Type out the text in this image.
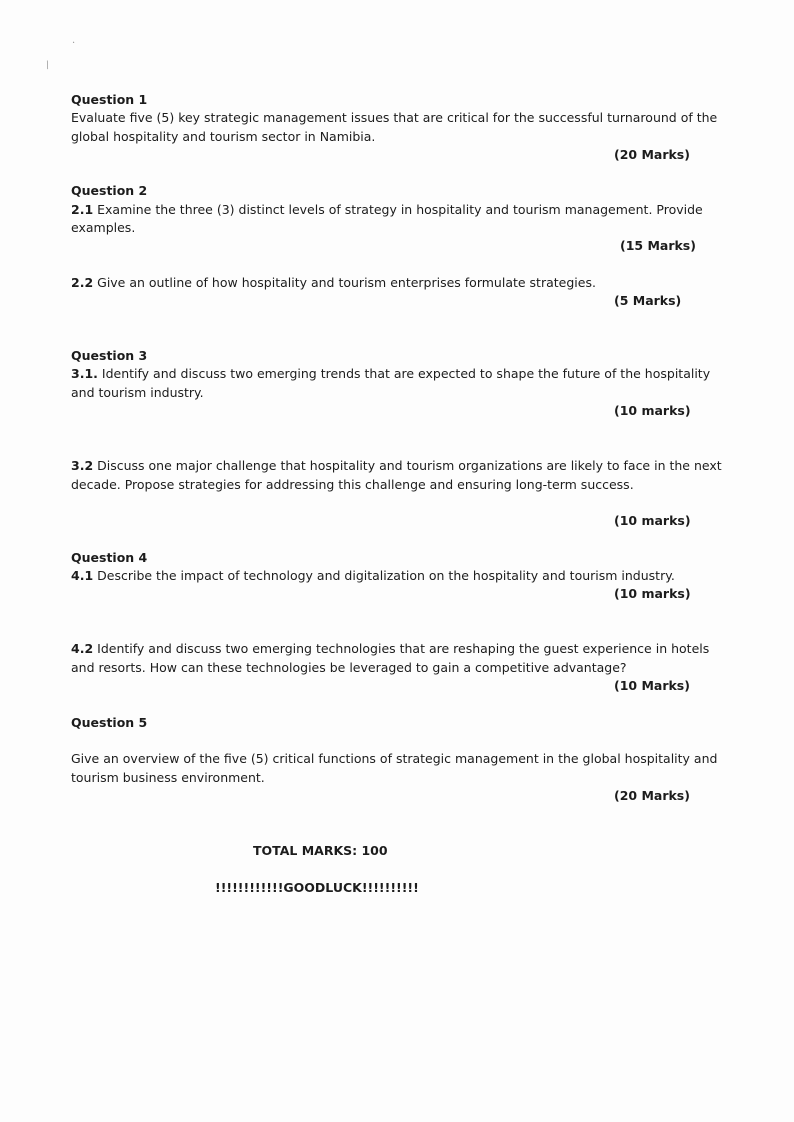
·
/
Question 1
Evaluate five (5) key strategic management issues that are critical for the successful turnaround of the
global hospitality and tourism sector in Namibia.
(20 Marks)
Question 2
2.1 Examine the three (3) distinct levels of strategy in hospitality and tourism management. Provide
examples.
(15 Marks)
2.2 Give an outline of how hospitality and tourism enterprises formulate strategies.
(5 Marks)
Question 3
3.1. Identify and discuss two emerging trends that are expected to shape the future of the hospitality
and tourism industry.
(10 marks)
3.2 Discuss one major challenge that hospitality and tourism organizations are likely to face in the next
decade. Propose strategies for addressing this challenge and ensuring long-term success.
(10 marks)
Question 4
4.1 Describe the impact of technology and digitalization on the hospitality and tourism industry.
(10 marks)
4.2 Identify and discuss two emerging technologies that are reshaping the guest experience in hotels
and resorts. How can these technologies be leveraged to gain a competitive advantage?
(10 Marks)
Question 5
Give an overview of the five (5) critical functions of strategic management in the global hospitality and
tourism business environment.
(20 Marks)
TOTAL MARKS: 100
!!!!!!!!!!!!GOODLUCK!!!!!!!!!!
